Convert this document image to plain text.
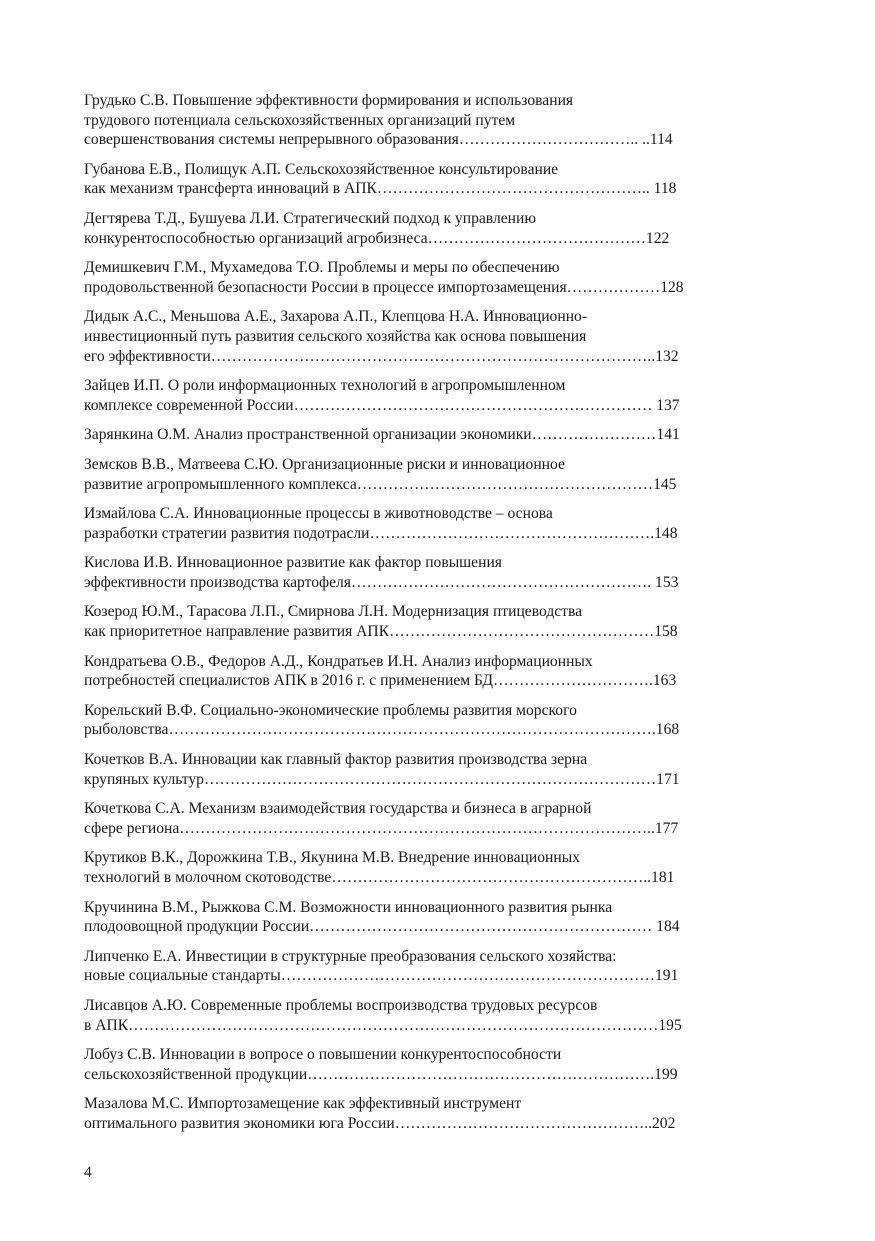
Грудько С.В. Повышение эффективности формирования и использования
трудового потенциала сельскохозяйственных организаций путем
совершенствования системы непрерывного образования…………………………….. ..114
Губанова Е.В., Полищук А.П. Сельскохозяйственное консультирование
как механизм трансферта инноваций в АПК…………………………………………….. 118
Дегтярева Т.Д., Бушуева Л.И. Стратегический подход к управлению
конкурентоспособностью организаций агробизнеса……………………………………122
Демишкевич Г.М., Мухамедова Т.О. Проблемы и меры по обеспечению
продовольственной безопасности России в процессе импортозамещения………………128
Дидык А.С., Меньшова А.Е., Захарова А.П., Клепцова Н.А. Инновационно-
инвестиционный путь развития сельского хозяйства как основа повышения
его эффективности…………………………………………………………………………..132
Зайцев И.П. О роли информационных технологий в агропромышленном
комплексе современной России…………………………………………………………… 137
Зарянкина О.М. Анализ пространственной организации экономики……………………141
Земсков В.В., Матвеева С.Ю. Организационные риски и инновационное
развитие агропромышленного комплекса…………………………………………………145
Измайлова С.А. Инновационные процессы в животноводстве – основа
разработки стратегии развития подотрасли……………………………………………….148
Кислова И.В. Инновационное развитие как фактор повышения
эффективности производства картофеля…………………………………………………. 153
Козерод Ю.М., Тарасова Л.П., Смирнова Л.Н. Модернизация птицеводства
как приоритетное направление развития АПК……………………………………………158
Кондратьева О.В., Федоров А.Д., Кондратьев И.Н. Анализ информационных
потребностей специалистов АПК в 2016 г. с применением БД………………………….163
Корельский В.Ф. Социально-экономические проблемы развития морского
рыболовства………………………………………………………………………………….168
Кочетков В.А. Инновации как главный фактор развития производства зерна
крупяных культур……………………………………………………………………………171
Кочеткова С.А. Механизм взаимодействия государства и бизнеса в аграрной
сфере региона………………………………………………………………………………..177
Крутиков В.К., Дорожкина Т.В., Якунина М.В. Внедрение инновационных
технологий в молочном скотоводстве……………………………………………………..181
Кручинина В.М., Рыжкова С.М. Возможности инновационного развития рынка
плодоовощной продукции России………………………………………………………… 184
Липченко Е.А. Инвестиции в структурные преобразования сельского хозяйства:
новые социальные стандарты………………………………………………………………191
Лисавцов А.Ю. Современные проблемы воспроизводства трудовых ресурсов
в АПК…………………………………………………………………………………………195
Лобуз С.В. Инновации в вопросе о повышении конкурентоспособности
сельскохозяйственной продукции………………………………………………………….199
Мазалова М.С. Импортозамещение как эффективный инструмент
оптимального развития экономики юга России…………………………………………..202
4
